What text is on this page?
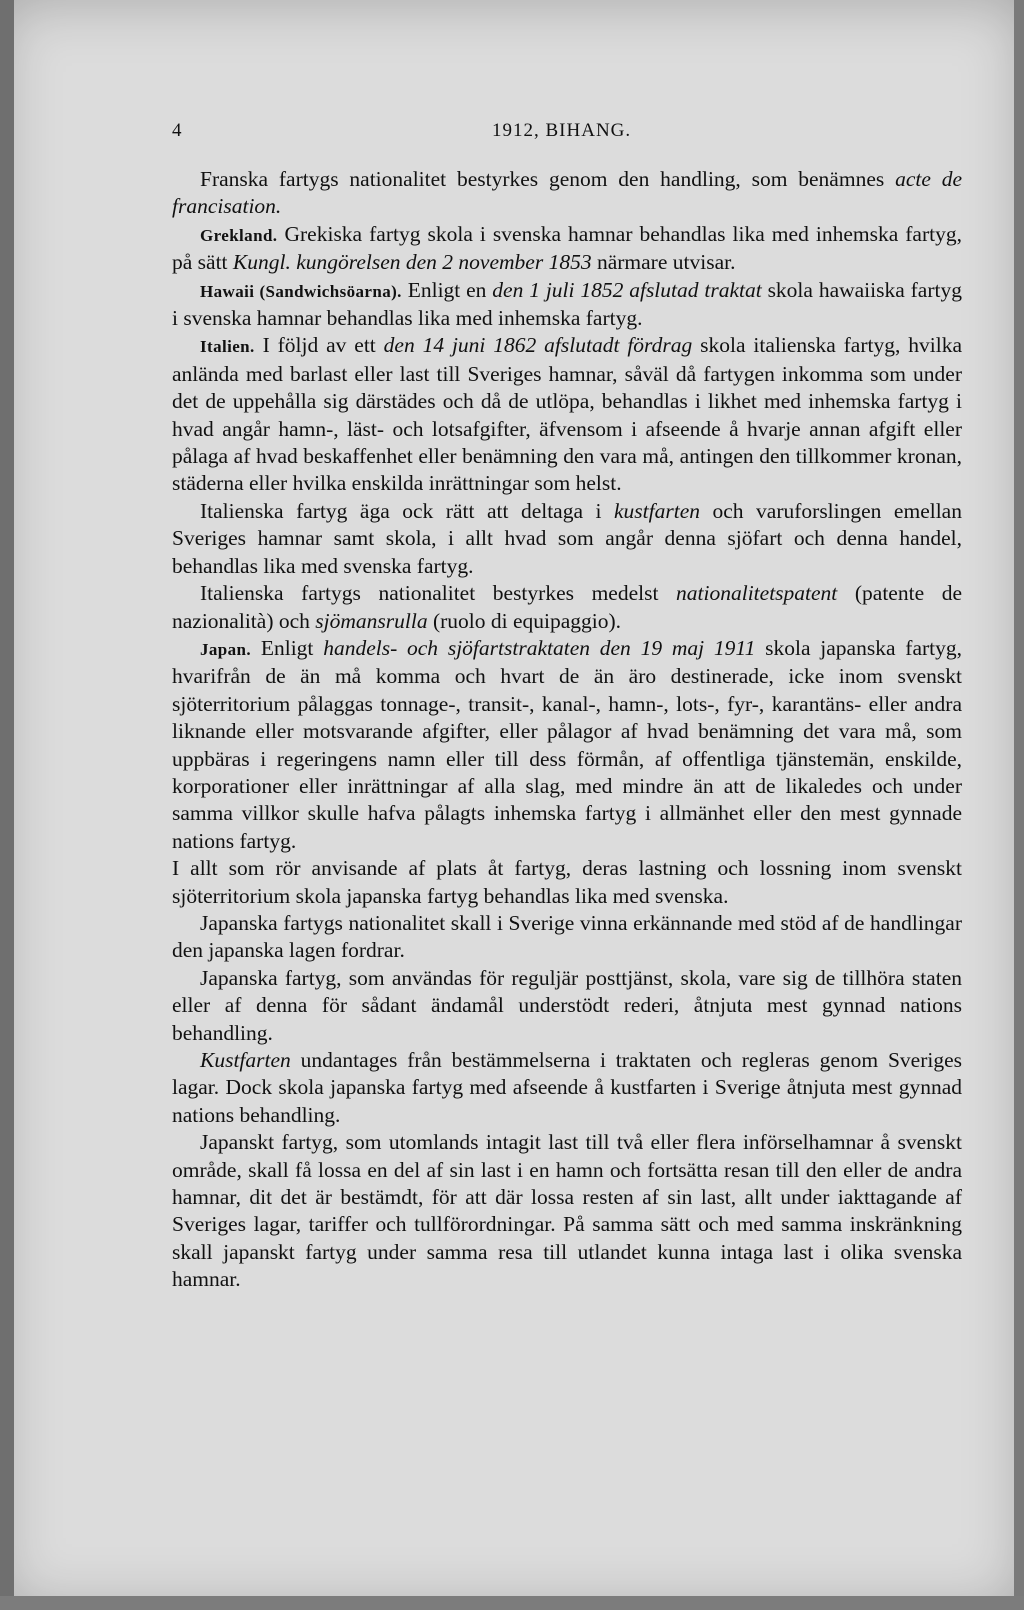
4	1912, BIHANG.

Franska fartygs nationalitet bestyrkes genom den handling, som benämnes acte de francisation.

Grekland. Grekiska fartyg skola i svenska hamnar behandlas lika med inhemska fartyg, på sätt Kungl. kungörelsen den 2 november 1853 närmare utvisar.

Hawaii (Sandwichsöarna). Enligt en den 1 juli 1852 afslutad traktat skola hawaiiska fartyg i svenska hamnar behandlas lika med inhemska fartyg.

Italien. I följd av ett den 14 juni 1862 afslutadt fördrag skola italienska fartyg, hvilka anlända med barlast eller last till Sveriges hamnar, såväl då fartygen inkomma som under det de uppehålla sig därstädes och då de utlöpa, behandlas i likhet med inhemska fartyg i hvad angår hamn-, läst- och lotsafgifter, äfvensom i afseende å hvarje annan afgift eller pålaga af hvad beskaffenhet eller benämning den vara må, antingen den tillkommer kronan, städerna eller hvilka enskilda inrättningar som helst.

Italienska fartyg äga ock rätt att deltaga i kustfarten och varuforslingen emellan Sveriges hamnar samt skola, i allt hvad som angår denna sjöfart och denna handel, behandlas lika med svenska fartyg.

Italienska fartygs nationalitet bestyrkes medelst nationalitetspatent (patente de nazionalità) och sjömansrulla (ruolo di equipaggio).

Japan. Enligt handels- och sjöfartstraktaten den 19 maj 1911 skola japanska fartyg, hvarifrån de än må komma och hvart de än äro destinerade, icke inom svenskt sjöterritorium pålaggas tonnage-, transit-, kanal-, hamn-, lots-, fyr-, karantäns- eller andra liknande eller motsvarande afgifter, eller pålagor af hvad benämning det vara må, som uppbäras i regeringens namn eller till dess förmån, af offentliga tjänstemän, enskilde, korporationer eller inrättningar af alla slag, med mindre än att de likaledes och under samma villkor skulle hafva pålagts inhemska fartyg i allmänhet eller den mest gynnade nations fartyg.

I allt som rör anvisande af plats åt fartyg, deras lastning och lossning inom svenskt sjöterritorium skola japanska fartyg behandlas lika med svenska.

Japanska fartygs nationalitet skall i Sverige vinna erkännande med stöd af de handlingar den japanska lagen fordrar.

Japanska fartyg, som användas för reguljär posttjänst, skola, vare sig de tillhöra staten eller af denna för sådant ändamål understödt rederi, åtnjuta mest gynnad nations behandling.

Kustfarten undantages från bestämmelserna i traktaten och regleras genom Sveriges lagar. Dock skola japanska fartyg med afseende å kustfarten i Sverige åtnjuta mest gynnad nations behandling.

Japanskt fartyg, som utomlands intagit last till två eller flera införselhamnar å svenskt område, skall få lossa en del af sin last i en hamn och fortsätta resan till den eller de andra hamnar, dit det är bestämdt, för att där lossa resten af sin last, allt under iakttagande af Sveriges lagar, tariffer och tullförordningar. På samma sätt och med samma inskränkning skall japanskt fartyg under samma resa till utlandet kunna intaga last i olika svenska hamnar.
